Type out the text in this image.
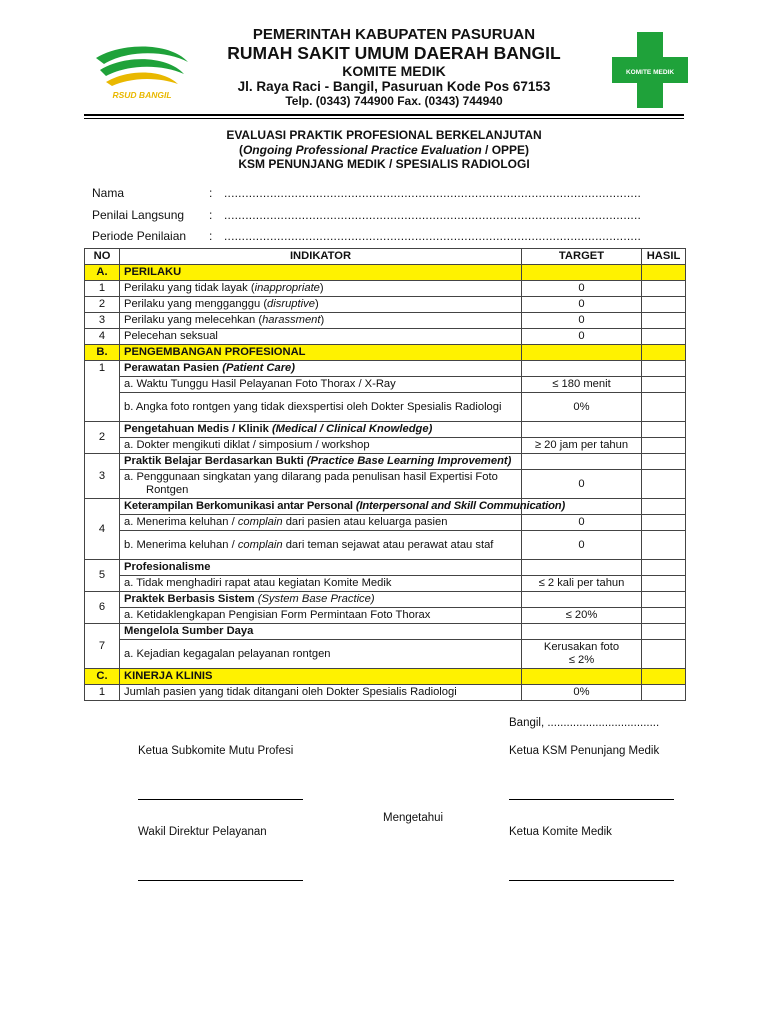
RSUD BANGIL
KOMITE MEDIK
PEMERINTAH KABUPATEN PASURUAN
RUMAH SAKIT UMUM DAERAH BANGIL
KOMITE MEDIK
Jl. Raya Raci - Bangil, Pasuruan Kode Pos 67153
Telp. (0343) 744900 Fax. (0343) 744940
EVALUASI PRAKTIK PROFESIONAL BERKELANJUTAN
(Ongoing Professional Practice Evaluation / OPPE)
KSM PENUNJANG MEDIK / SPESIALIS RADIOLOGI
Nama	: ......................................................................................................................
Penilai Langsung : ......................................................................................................................
Periode Penilaian : ......................................................................................................................
NO	INDIKATOR	TARGET	HASIL
A.	PERILAKU		
1	Perilaku yang tidak layak (inappropriate)	0	
2	Perilaku yang mengganggu (disruptive)	0	
3	Perilaku yang melecehkan (harassment)	0	
4	Pelecehan seksual	0	
B.	PENGEMBANGAN PROFESIONAL		
1	Perawatan Pasien (Patient Care)		
	a. Waktu Tunggu Hasil Pelayanan Foto Thorax / X-Ray	≤ 180 menit	
	b. Angka foto rontgen yang tidak diexspertisi oleh Dokter Spesialis Radiologi	0%	
2	Pengetahuan Medis / Klinik (Medical / Clinical Knowledge)		
	a. Dokter mengikuti diklat / simposium / workshop	≥ 20 jam per tahun	
3	Praktik Belajar Berdasarkan Bukti (Practice Base Learning Improvement)		
	a. Penggunaan singkatan yang dilarang pada penulisan hasil Expertisi Foto Rontgen	0	
4	Keterampilan Berkomunikasi antar Personal (Interpersonal and Skill Communication)		
	a. Menerima keluhan / complain dari pasien atau keluarga pasien	0	
	b. Menerima keluhan / complain dari teman sejawat atau perawat atau staf	0	
5	Profesionalisme		
	a. Tidak menghadiri rapat atau kegiatan Komite Medik	≤ 2 kali per tahun	
6	Praktek Berbasis Sistem (System Base Practice)		
	a. Ketidaklengkapan Pengisian Form Permintaan Foto Thorax	≤ 20%	
7	Mengelola Sumber Daya		
	a. Kejadian kegagalan pelayanan rontgen	Kerusakan foto
≤ 2%	

C.	KINERJA KLINIS		
1	Jumlah pasien yang tidak ditangani oleh Dokter Spesialis Radiologi	0%	
Bangil, ...................................
Ketua Subkomite Mutu Profesi	Ketua KSM Penunjang Medik
Mengetahui
Wakil Direktur Pelayanan	Ketua Komite Medik
